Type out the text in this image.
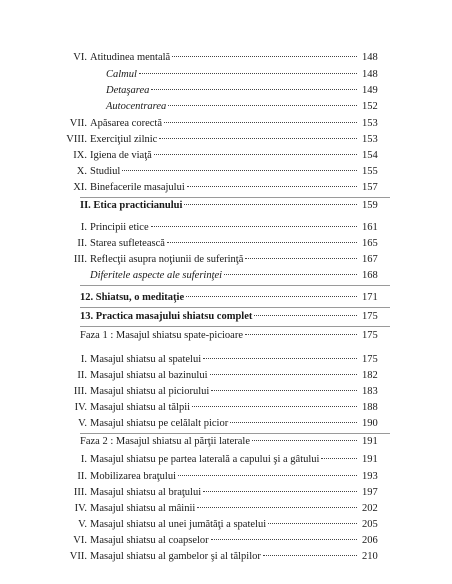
VI. Atitudinea mentală	148
Calmul	148
Detaşarea	149
Autocentrarea	152
VII. Apăsarea corectă	153
VIII. Exerciţiul zilnic	153
IX. Igiena de viaţă	154
X. Studiul	155
XI. Binefacerile masajului	157
II. Etica practicianului	159
I. Principii etice	161
II. Starea sufletească	165
III. Reflecţii asupra noţiunii de suferinţă	167
Diferitele aspecte ale suferinţei	168
12. Shiatsu, o meditaţie	171
13. Practica masajului shiatsu complet	175
Faza 1 : Masajul shiatsu spate-picioare	175
I. Masajul shiatsu al spatelui	175
II. Masajul shiatsu al bazinului	182
III. Masajul shiatsu al piciorului	183
IV. Masajul shiatsu al tălpii	188
V. Masajul shiatsu pe celălalt picior	190
Faza 2 : Masajul shiatsu al părţii laterale	191
I. Masajul shiatsu pe partea laterală a capului şi a gâtului	191
II. Mobilizarea braţului	193
III. Masajul shiatsu al braţului	197
IV. Masajul shiatsu al mâinii	202
V. Masajul shiatsu al unei jumătăţi a spatelui	205
VI. Masajul shiatsu al coapselor	206
VII. Masajul shiatsu al gambelor şi al tălpilor	210
